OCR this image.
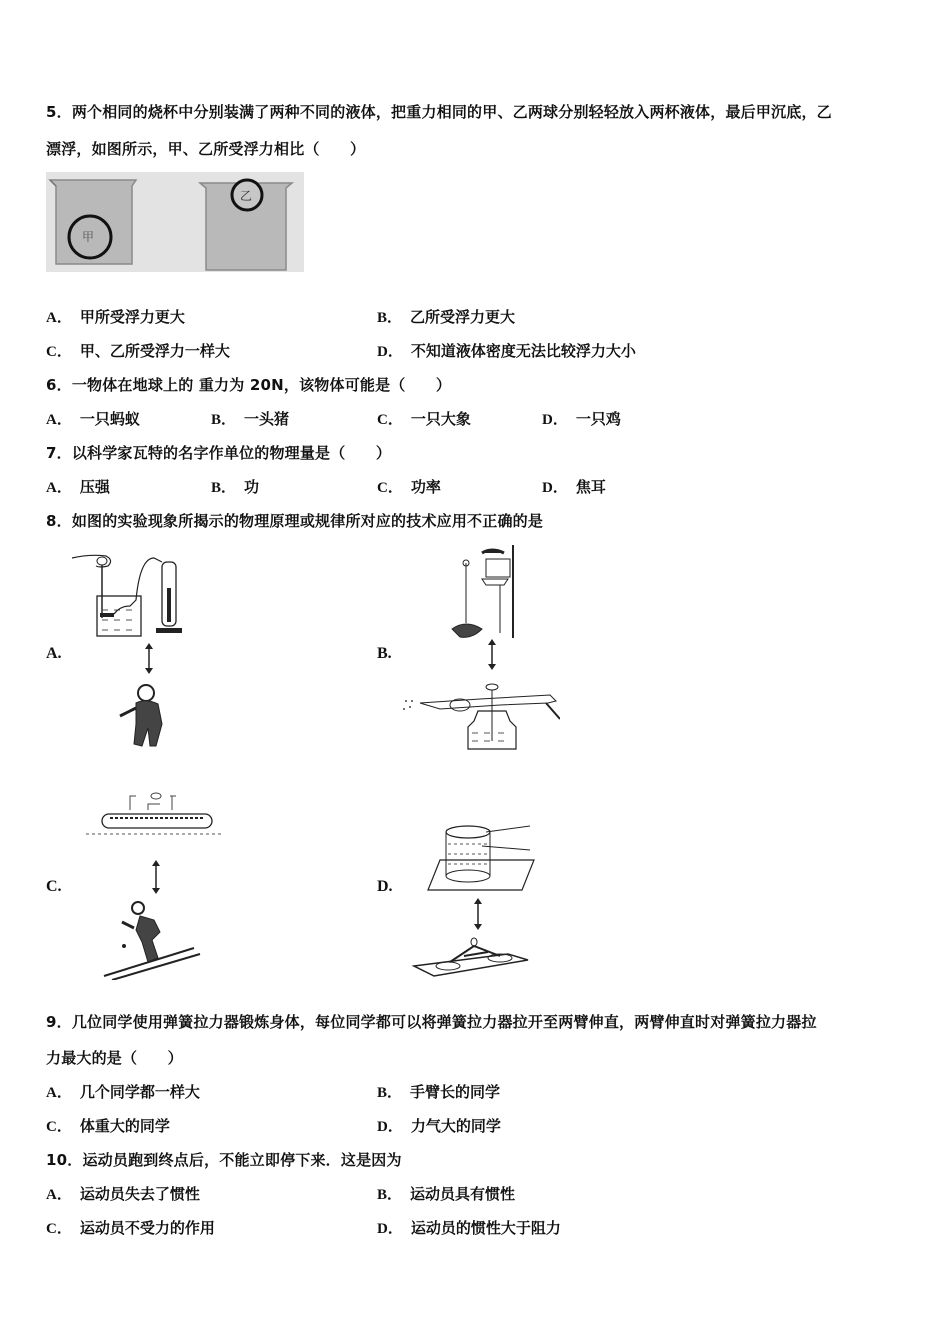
5．两个相同的烧杯中分别装满了两种不同的液体，把重力相同的甲、乙两球分别轻轻放入两杯液体，最后甲沉底，乙
漂浮，如图所示，甲、乙所受浮力相比（　　）
甲
乙
A． 甲所受浮力更大	B． 乙所受浮力更大
C． 甲、乙所受浮力一样大	D． 不知道液体密度无法比较浮力大小
6．一物体在地球上的 重力为 20N，该物体可能是（　　）
A． 一只蚂蚁	B． 一头猪	C． 一只大象	D． 一只鸡
7．以科学家瓦特的名字作单位的物理量是（　　）
A． 压强	B． 功	C． 功率	D． 焦耳
8．如图的实验现象所揭示的物理原理或规律所对应的技术应用不正确的是
A.	B.
C.	D.
9．几位同学使用弹簧拉力器锻炼身体，每位同学都可以将弹簧拉力器拉开至两臂伸直，两臂伸直时对弹簧拉力器拉
力最大的是（　　）
A． 几个同学都一样大	B． 手臂长的同学
C． 体重大的同学	D． 力气大的同学
10．运动员跑到终点后，不能立即停下来．这是因为
A． 运动员失去了惯性	B． 运动员具有惯性
C． 运动员不受力的作用	D． 运动员的惯性大于阻力
